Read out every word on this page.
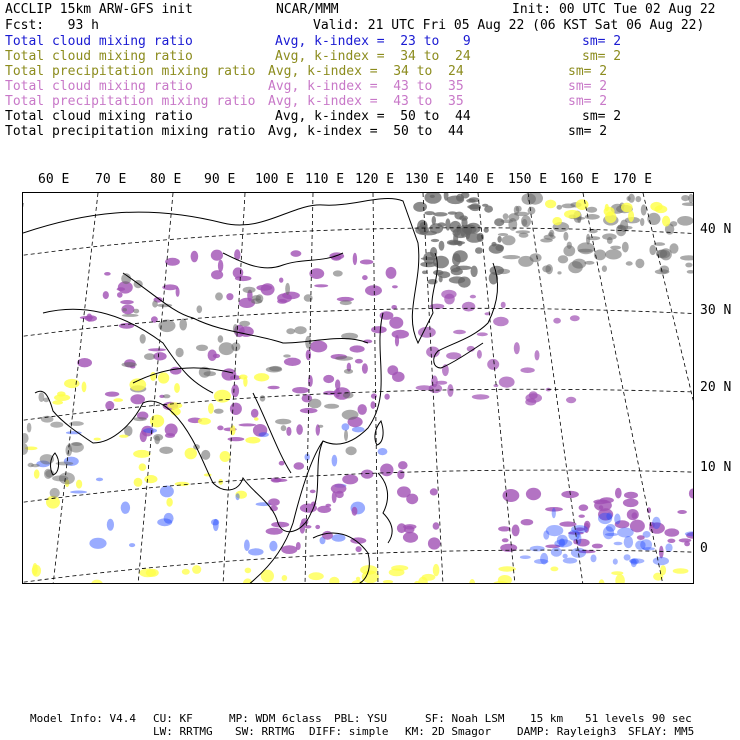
ACCLIP 15km ARW-GFS init	NCAR/MMM	Init: 00 UTC Tue 02 Aug 22
Fcst:   93 h	Valid: 21 UTC Fri 05 Aug 22 (06 KST Sat 06 Aug 22)
Total cloud mixing ratio	Avg, k-index =  23 to   9	sm= 2
Total cloud mixing ratio	Avg, k-index =  34 to  24	sm= 2
Total precipitation mixing ratio Avg, k-index =  34 to  24	sm= 2
Total cloud mixing ratio	Avg, k-index =  43 to  35	sm= 2
Total precipitation mixing ratio Avg, k-index =  43 to  35	sm= 2
Total cloud mixing ratio	Avg, k-index =  50 to  44	sm= 2
Total precipitation mixing ratio Avg, k-index =  50 to  44	sm= 2
60 E 70 E 80 E 90 E 100 E 110 E 120 E 130 E 140 E 150 E 160 E 170 E
40 N
30 N
20 N
10 N
0
Model Info: V4.4 CU: KF	MP: WDM 6class PBL: YSU	SF: Noah LSM 15 km 51 levels 90 sec
LW: RRTMG SW: RRTMG DIFF: simple KM: 2D Smagor DAMP: Rayleigh3 SFLAY: MM5
